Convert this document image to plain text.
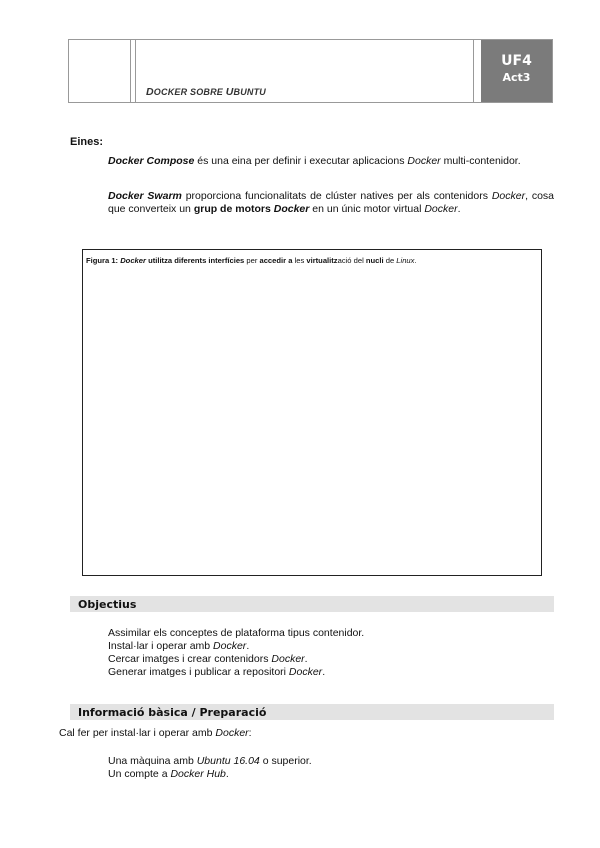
DOCKER SOBRE UBUNTU
UF4
Act3
Eines:
Docker Compose és una eina per definir i executar aplicacions Docker multi-contenidor.
Docker Swarm proporciona funcionalitats de clúster natives per als contenidors Docker, cosa que converteix un grup de motors Docker en un únic motor virtual Docker.
Figura 1: Docker utilitza diferents interfícies per accedir a les virtualització del nucli de Linux.
Objectius
Assimilar els conceptes de plataforma tipus contenidor.
Instal·lar i operar amb Docker.
Cercar imatges i crear contenidors Docker.
Generar imatges i publicar a repositori Docker.
Informació bàsica / Preparació
Cal fer per instal·lar i operar amb Docker:
Una màquina amb Ubuntu 16.04 o superior.
Un compte a Docker Hub.
